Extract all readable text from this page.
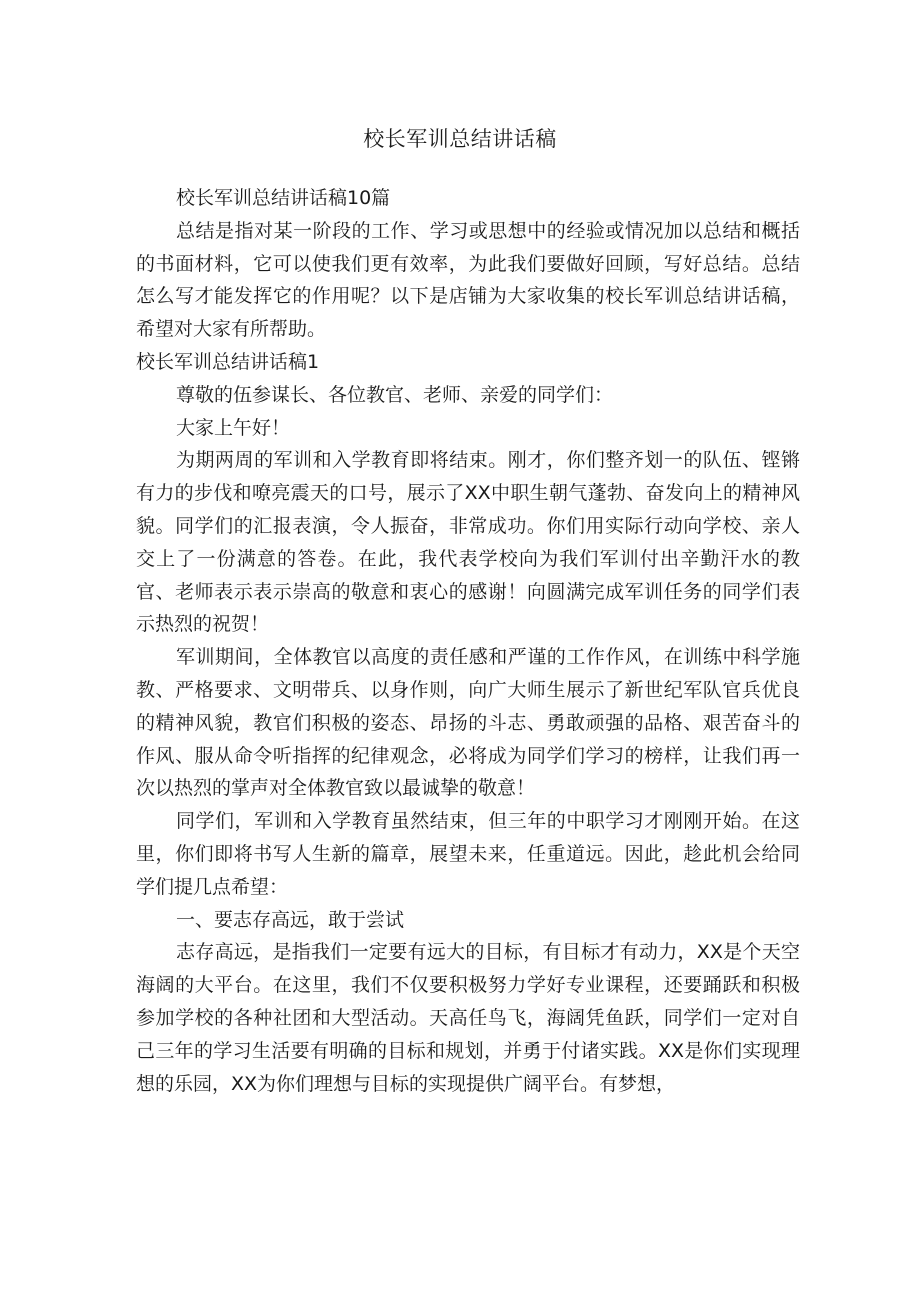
校长军训总结讲话稿

校长军训总结讲话稿10篇

总结是指对某一阶段的工作、学习或思想中的经验或情况加以总结和概括的书面材料，它可以使我们更有效率，为此我们要做好回顾，写好总结。总结怎么写才能发挥它的作用呢？以下是店铺为大家收集的校长军训总结讲话稿，希望对大家有所帮助。

校长军训总结讲话稿1

尊敬的伍参谋长、各位教官、老师、亲爱的同学们：

大家上午好！

为期两周的军训和入学教育即将结束。刚才，你们整齐划一的队伍、铿锵有力的步伐和嘹亮震天的口号，展示了XX中职生朝气蓬勃、奋发向上的精神风貌。同学们的汇报表演，令人振奋，非常成功。你们用实际行动向学校、亲人交上了一份满意的答卷。在此，我代表学校向为我们军训付出辛勤汗水的教官、老师表示表示崇高的敬意和衷心的感谢！向圆满完成军训任务的同学们表示热烈的祝贺！

军训期间，全体教官以高度的责任感和严谨的工作作风，在训练中科学施教、严格要求、文明带兵、以身作则，向广大师生展示了新世纪军队官兵优良的精神风貌，教官们积极的姿态、昂扬的斗志、勇敢顽强的品格、艰苦奋斗的作风、服从命令听指挥的纪律观念，必将成为同学们学习的榜样，让我们再一次以热烈的掌声对全体教官致以最诚挚的敬意！

同学们，军训和入学教育虽然结束，但三年的中职学习才刚刚开始。在这里，你们即将书写人生新的篇章，展望未来，任重道远。因此，趁此机会给同学们提几点希望：

一、要志存高远，敢于尝试

志存高远，是指我们一定要有远大的目标，有目标才有动力，XX是个天空海阔的大平台。在这里，我们不仅要积极努力学好专业课程，还要踊跃和积极参加学校的各种社团和大型活动。天高任鸟飞，海阔凭鱼跃，同学们一定对自己三年的学习生活要有明确的目标和规划，并勇于付诸实践。XX是你们实现理想的乐园，XX为你们理想与目标的实现提供广阔平台。有梦想，
